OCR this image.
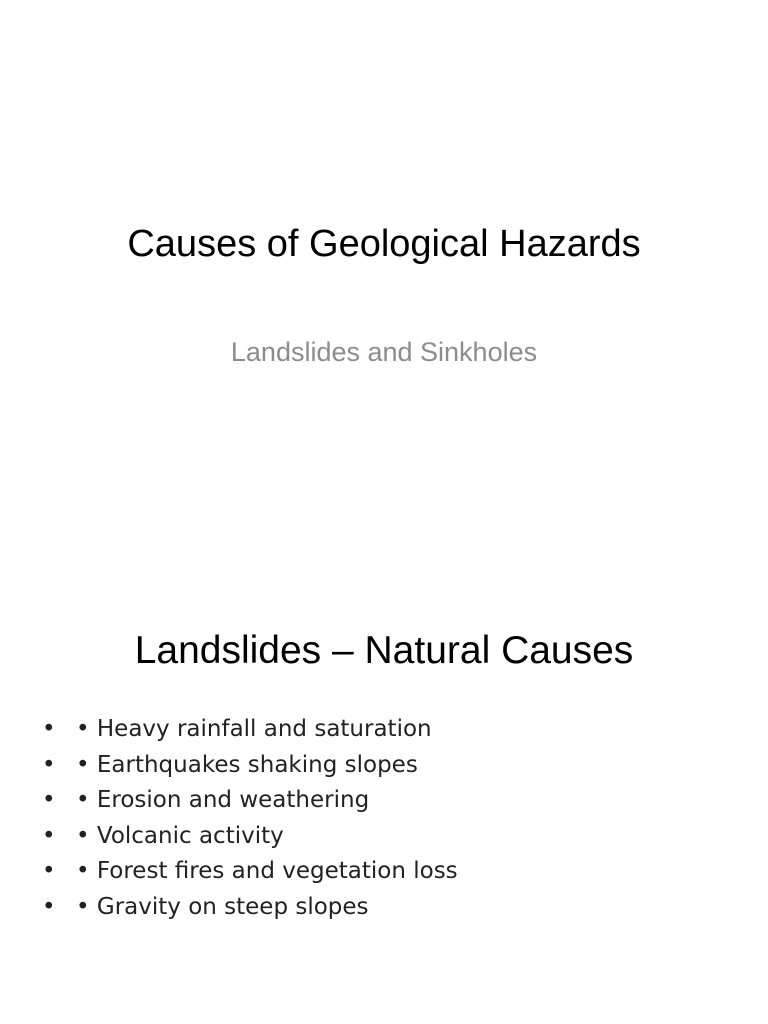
Causes of Geological Hazards
Landslides and Sinkholes
Landslides – Natural Causes
• • Heavy rainfall and saturation
• • Earthquakes shaking slopes
• • Erosion and weathering
• • Volcanic activity
• • Forest fires and vegetation loss
• • Gravity on steep slopes
